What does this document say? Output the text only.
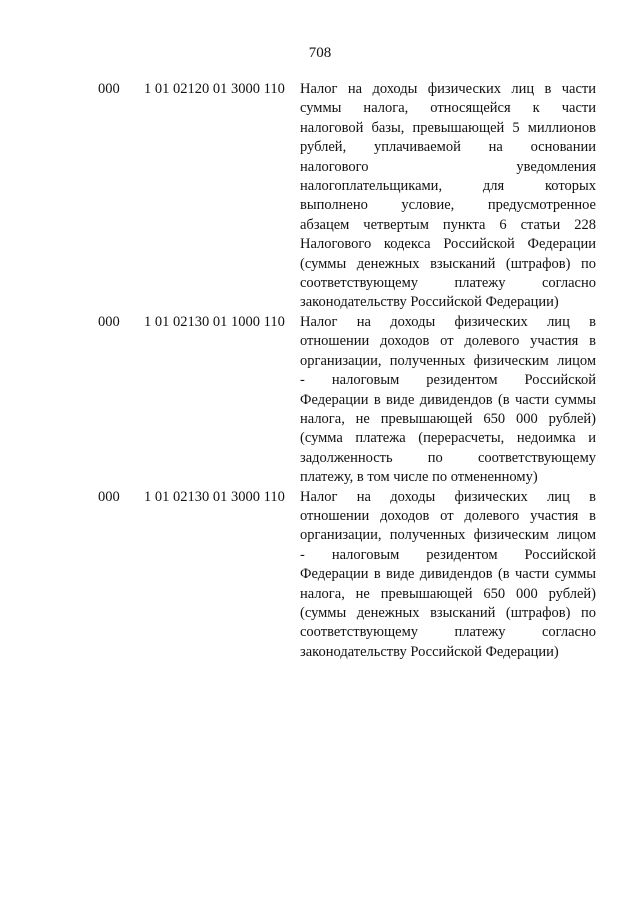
708
000 1 01 02120 01 3000 110 Налог на доходы физических лиц в части
суммы налога, относящейся к части
налоговой базы, превышающей 5 миллионов
рублей, уплачиваемой на основании
налогового	уведомления
налогоплательщиками, для которых
выполнено условие, предусмотренное
абзацем четвертым пункта 6 статьи 228
Налогового кодекса Российской Федерации
(суммы денежных взысканий (штрафов) по
соответствующему платежу согласно
законодательству Российской Федерации)
000 1 01 02130 01 1000 110 Налог на доходы физических лиц в
отношении доходов от долевого участия в
организации, полученных физическим лицом
- налоговым резидентом Российской
Федерации в виде дивидендов (в части суммы
налога, не превышающей 650 000 рублей)
(сумма платежа (перерасчеты, недоимка и
задолженность по соответствующему
платежу, в том числе по отмененному)
000 1 01 02130 01 3000 110 Налог на доходы физических лиц в
отношении доходов от долевого участия в
организации, полученных физическим лицом
- налоговым резидентом Российской
Федерации в виде дивидендов (в части суммы
налога, не превышающей 650 000 рублей)
(суммы денежных взысканий (штрафов) по
соответствующему платежу согласно
законодательству Российской Федерации)
